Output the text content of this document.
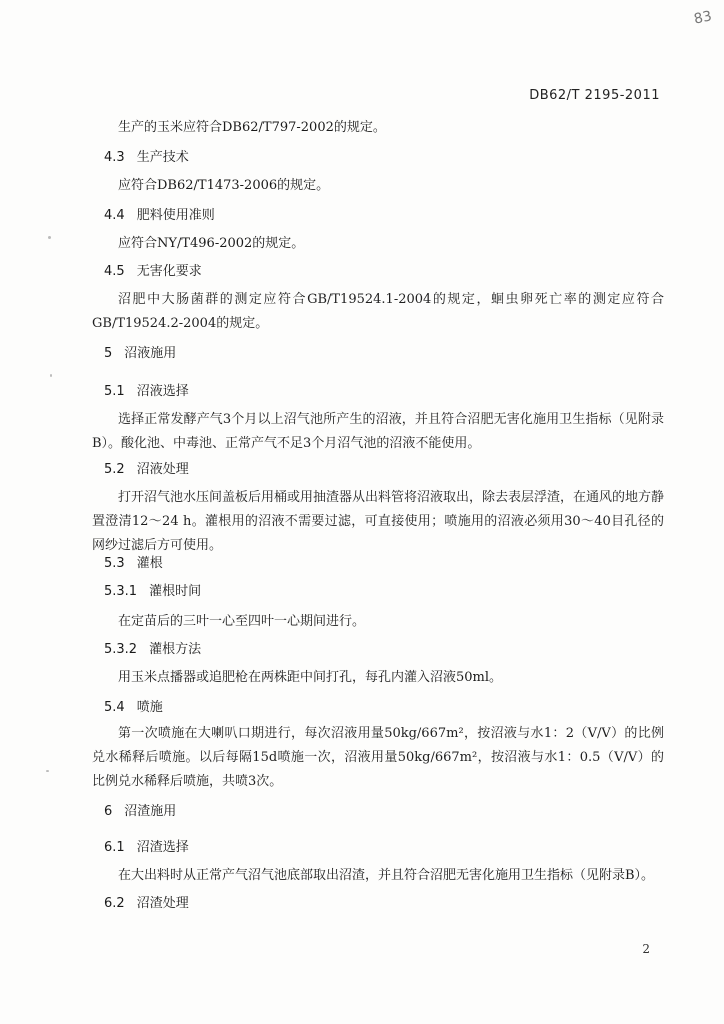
83
DB62/T 2195-2011
生产的玉米应符合DB62/T797-2002的规定。
4.3 生产技术
应符合DB62/T1473-2006的规定。
4.4 肥料使用准则
应符合NY/T496-2002的规定。
4.5 无害化要求
沼肥中大肠菌群的测定应符合GB/T19524.1-2004的规定，蛔虫卵死亡率的测定应符合GB/T19524.2-2004的规定。
5 沼液施用
5.1 沼液选择
选择正常发酵产气3个月以上沼气池所产生的沼液，并且符合沼肥无害化施用卫生指标（见附录B）。酸化池、中毒池、正常产气不足3个月沼气池的沼液不能使用。
5.2 沼液处理
打开沼气池水压间盖板后用桶或用抽渣器从出料管将沼液取出，除去表层浮渣，在通风的地方静置澄清12～24 h。灌根用的沼液不需要过滤，可直接使用；喷施用的沼液必须用30～40目孔径的网纱过滤后方可使用。
5.3 灌根
5.3.1 灌根时间
在定苗后的三叶一心至四叶一心期间进行。
5.3.2 灌根方法
用玉米点播器或追肥枪在两株距中间打孔，每孔内灌入沼液50ml。
5.4 喷施
第一次喷施在大喇叭口期进行，每次沼液用量50kg/667m²，按沼液与水1：2（V/V）的比例兑水稀释后喷施。以后每隔15d喷施一次，沼液用量50kg/667m²，按沼液与水1：0.5（V/V）的比例兑水稀释后喷施，共喷3次。
6 沼渣施用
6.1 沼渣选择
在大出料时从正常产气沼气池底部取出沼渣，并且符合沼肥无害化施用卫生指标（见附录B）。
6.2 沼渣处理
2
